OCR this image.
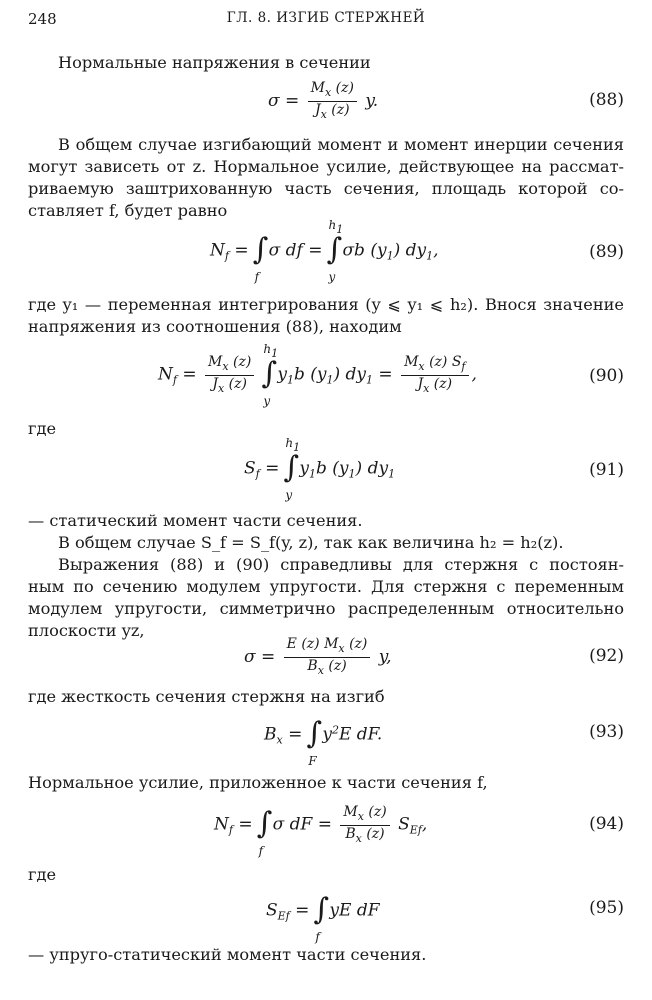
248	ГЛ. 8. ИЗГИБ СТЕРЖНЕЙ
Нормальные напряжения в сечении
$\sigma = \frac{M_x (z)}{J_x (z)} y$.	(88)
В общем случае изгибающий момент и момент инерции сечения
могут зависеть от z. Нормальное усилие, действующее на рассмат-
риваемую заштрихованную часть сечения, площадь которой со-
ставляет f, будет равно
$N_f$ = ∫
f
σ df =
$h_1$
∫
y
σb $(y_1)$ $dy_1$,	(89)
где y₁ — переменная интегрирования (y ⩽ y₁ ⩽ h₂). Внося значение
напряжения из соотношения (88), находим
$N_f = \frac{M_x (z)}{J_x (z)}$
$h_1$
∫
y
$y_1b$ $(y_1) dy_1 = \frac{M_x (z) S_f}{J_x (z)}$ ,	(90)
где
$S_f$ =
$h_1$
∫
y
$y_1b$ $(y_1)$ $dy_1$	(91)
— статический момент части сечения.
В общем случае S_f = S_f(y, z), так как величина h₂ = h₂(z).
Выражения (88) и (90) справедливы для стержня с постоян-
ным по сечению модулем упругости. Для стержня с переменным
модулем упругости, симметрично распределенным относительно
плоскости yz,
$\sigma = \frac{E (z) M_x (z)}{B_x (z)} y$,	(92)
где жесткость сечения стержня на изгиб
$B_x$ = ∫
F
$y^2E$ dF.	(93)
Нормальное усилие, приложенное к части сечения f,
$N_f$ = ∫
f
σ dF = $\frac{M_x (z)}{B_x (z)} S_{Ef}$,	(94)
где
$S_{Ef}$ = ∫
f
yE dF	(95)
— упруго-статический момент части сечения.
